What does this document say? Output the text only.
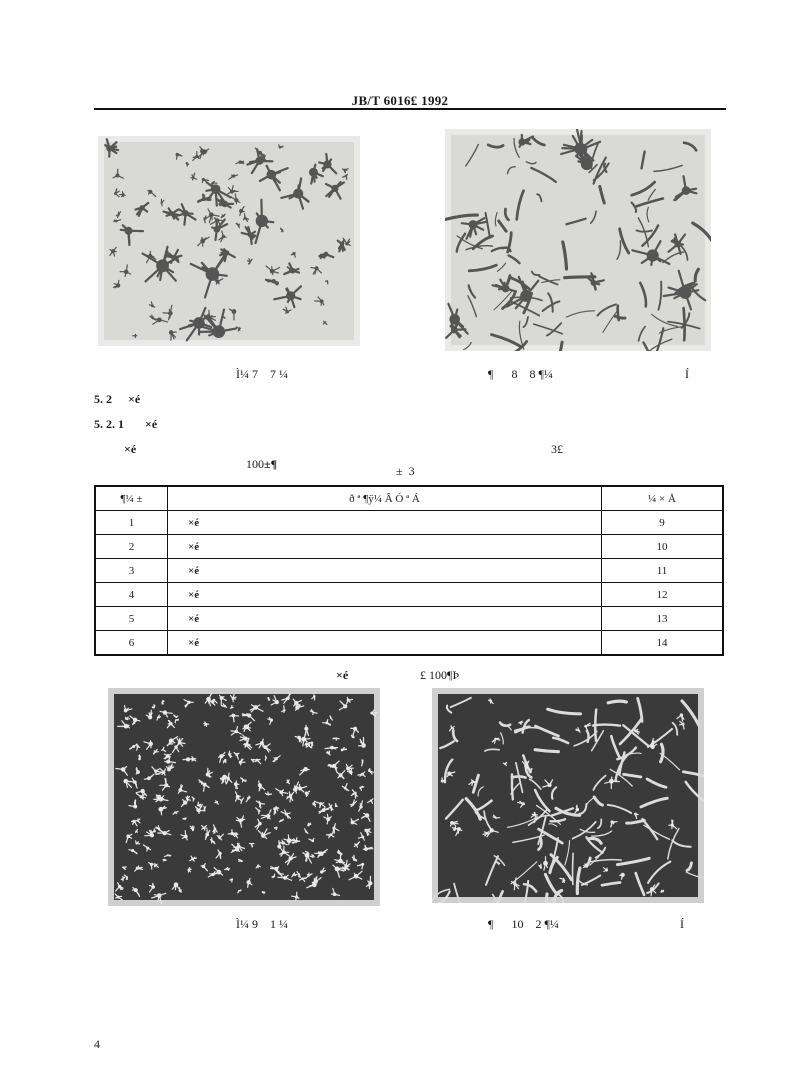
JB/T 6016£ 1992
Ì¼ 7    7 ¼	¶      8    8 ¶¼	Í
5. 2 ×é
5. 2. 1 ×é
×é

100±¶

3£
±  3
¶¼ ±	ð ª ¶ÿ¼ Â Ó ª Á	¼ × Å
1	×é	9
2	×é	10
3	×é	11
4	×é	12
5	×é	13
6	×é	14
×é	£ 100¶Þ
Ì¼ 9    1 ¼	¶      10    2 ¶¼	Í
4
